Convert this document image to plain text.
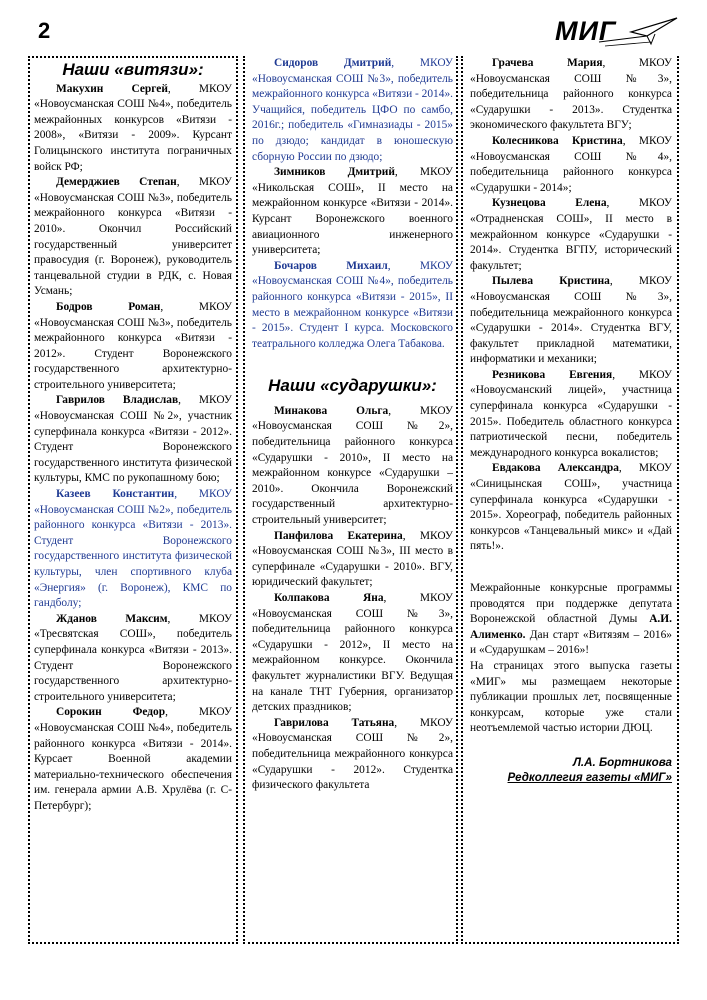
2	МИГ
Наши «витязи»:

Макухин Сергей, МКОУ «Новоусманская СОШ №4», победитель межрайонных конкурсов «Витязи - 2008», «Витязи - 2009». Курсант Голицынского института пограничных войск РФ;

Демерджиев Степан, МКОУ «Новоусманская СОШ №3», победитель межрайонного конкурса «Витязи - 2010». Окончил Российский государственный университет правосудия (г. Воронеж), руководитель танцевальной студии в РДК, с. Новая Усмань;

Бодров Роман, МКОУ «Новоусманская СОШ №3», победитель межрайонного конкурса «Витязи - 2012». Студент Воронежского государственного архитектурно-строительного университета;

Гаврилов Владислав, МКОУ «Новоусманская СОШ №2», участник суперфинала конкурса «Витязи - 2012». Студент Воронежского государственного института физической культуры, КМС по рукопашному бою;

Казеев Константин, МКОУ «Новоусманская СОШ №2», победитель районного конкурса «Витязи - 2013». Студент Воронежского государственного института физической культуры, член спортивного клуба «Энергия» (г. Воронеж), КМС по гандболу;

Жданов Максим, МКОУ «Тресвятская СОШ», победитель суперфинала конкурса «Витязи - 2013». Студент Воронежского государственного архитектурно-строительного университета;

Сорокин Федор, МКОУ «Новоусманская СОШ №4», победитель районного конкурса «Витязи - 2014». Курсает Военной академии материально-технического обеспечения им. генерала армии А.В. Хрулёва (г. С-Петербург);

Сидоров Дмитрий, МКОУ «Новоусманская СОШ №3», победитель межрайонного конкурса «Витязи - 2014». Учащийся, победитель ЦФО по самбо, 2016г.; победитель «Гимназиады - 2015» по дзюдо; кандидат в юношескую сборную России по дзюдо;

Зимников Дмитрий, МКОУ «Никольская СОШ», II место на межрайонном конкурсе «Витязи - 2014». Курсант Воронежского военного авиационного инженерного университета;

Бочаров Михаил, МКОУ «Новоусманская СОШ №4», победитель районного конкурса «Витязи - 2015», II место в межрайонном конкурсе «Витязи - 2015». Студент I курса. Московского театрального колледжа Олега Табакова.

Наши «сударушки»:

Минакова Ольга, МКОУ «Новоусманская СОШ №2», победительница районного конкурса «Сударушки - 2010», II место на межрайонном конкурсе «Сударушки – 2010». Окончила Воронежский государственный архитектурно-строительный университет;

Панфилова Екатерина, МКОУ «Новоусманская СОШ №3», III место в суперфинале «Сударушки - 2010». ВГУ, юридический факультет;

Колпакова Яна, МКОУ «Новоусманская СОШ №3», победительница районного конкурса «Сударушки - 2012», II место на межрайонном конкурсе. Окончила факультет журналистики ВГУ. Ведущая на канале ТНТ Губерния, организатор детских праздников;

Гаврилова Татьяна, МКОУ «Новоусманская СОШ №2», победительница межрайонного конкурса «Сударушки - 2012». Студентка физического факультета

Грачева Мария, МКОУ «Новоусманская СОШ №3», победительница районного конкурса «Сударушки - 2013». Студентка экономического факультета ВГУ;

Колесникова Кристина, МКОУ «Новоусманская СОШ №4», победительница районного конкурса «Сударушки - 2014»;

Кузнецова Елена, МКОУ «Отрадненская СОШ», II место в межрайонном конкурсе «Сударушки - 2014». Студентка ВГПУ, исторический факультет;

Пылева Кристина, МКОУ «Новоусманская СОШ №3», победительница межрайонного конкурса «Сударушки - 2014». Студентка ВГУ, факультет прикладной математики, информатики и механики;

Резникова Евгения, МКОУ «Новоусманский лицей», участница суперфинала конкурса «Сударушки - 2015». Победитель областного конкурса патриотической песни, победитель международного конкурса вокалистов;

Евдакова Александра, МКОУ «Синицынская СОШ», участница суперфинала конкурса «Сударушки - 2015». Хореограф, победитель районных конкурсов «Танцевальный микс» и «Дай пять!».

Межрайонные конкурсные программы проводятся при поддержке депутата Воронежской областной Думы А.И. Алименко. Дан старт «Витязям – 2016» и «Сударушкам – 2016»!

На страницах этого выпуска газеты «МИГ» мы размещаем некоторые публикации прошлых лет, посвященные конкурсам, которые уже стали неотъемлемой частью истории ДЮЦ.

Л.А. Бортникова
Редколлегия газеты «МИГ»
